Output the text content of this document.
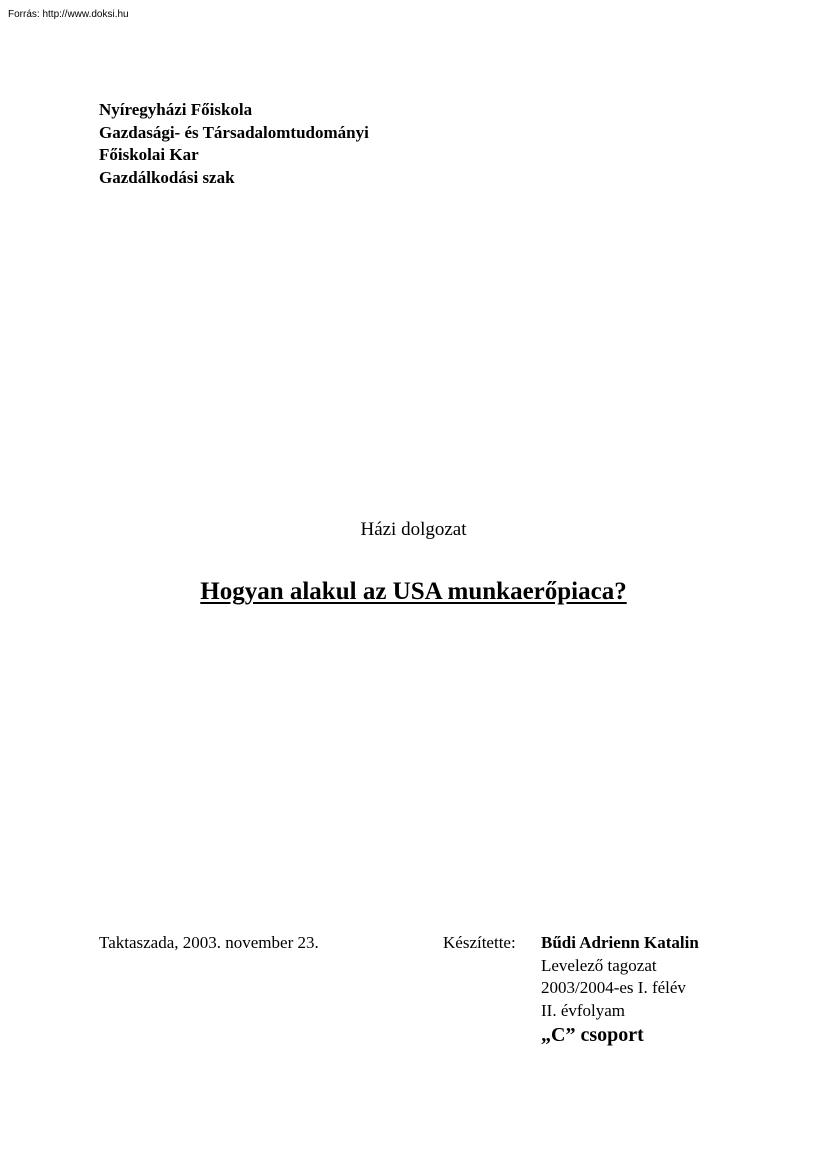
Forrás: http://www.doksi.hu
Nyíregyházi Főiskola
Gazdasági- és Társadalomtudományi
Főiskolai Kar
Gazdálkodási szak
Házi dolgozat
Hogyan alakul az USA munkaerőpiaca?
Taktaszada, 2003. november 23.	Készítette: Bűdi Adrienn Katalin
Levelező tagozat
2003/2004-es I. félév
II. évfolyam
„C” csoport
